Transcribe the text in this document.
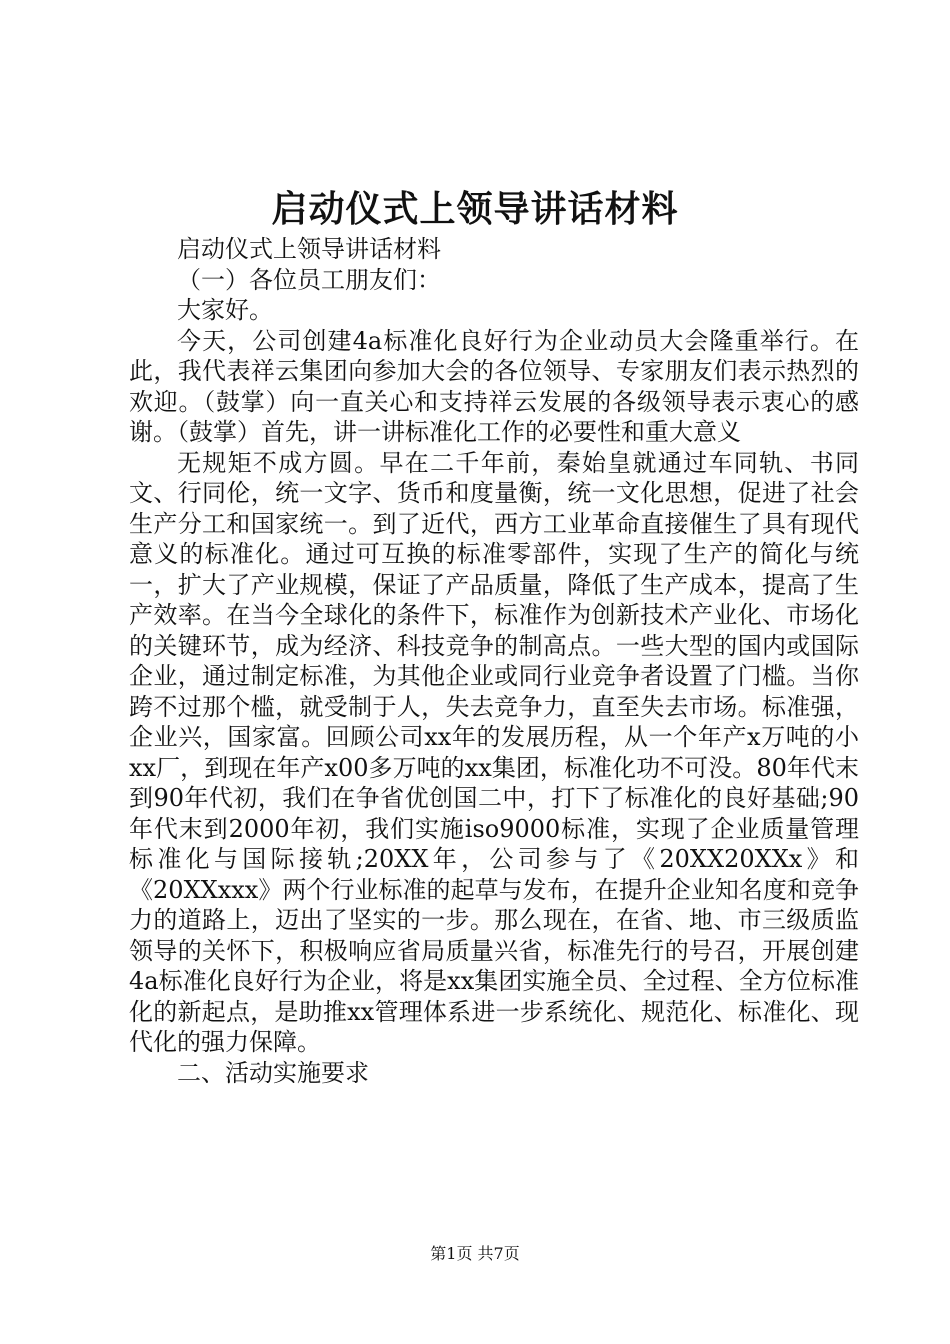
启动仪式上领导讲话材料

启动仪式上领导讲话材料

（一）各位员工朋友们：

大家好。

今天，公司创建4a标准化良好行为企业动员大会隆重举行。在此，我代表祥云集团向参加大会的各位领导、专家朋友们表示热烈的欢迎。（鼓掌）向一直关心和支持祥云发展的各级领导表示衷心的感谢。（鼓掌）首先，讲一讲标准化工作的必要性和重大意义

无规矩不成方圆。早在二千年前，秦始皇就通过车同轨、书同文、行同伦，统一文字、货币和度量衡，统一文化思想，促进了社会生产分工和国家统一。到了近代，西方工业革命直接催生了具有现代意义的标准化。通过可互换的标准零部件，实现了生产的简化与统一，扩大了产业规模，保证了产品质量，降低了生产成本，提高了生产效率。在当今全球化的条件下，标准作为创新技术产业化、市场化的关键环节，成为经济、科技竞争的制高点。一些大型的国内或国际企业，通过制定标准，为其他企业或同行业竞争者设置了门槛。当你跨不过那个槛，就受制于人，失去竞争力，直至失去市场。标准强，企业兴，国家富。回顾公司xx年的发展历程，从一个年产x万吨的小xx厂，到现在年产x00多万吨的xx集团，标准化功不可没。80年代末到90年代初，我们在争省优创国二中，打下了标准化的良好基础;90年代末到2000年初，我们实施iso9000标准，实现了企业质量管理标准化与国际接轨;20XX年，公司参与了《20XX20XXx》和《20XXxxx》两个行业标准的起草与发布，在提升企业知名度和竞争力的道路上，迈出了坚实的一步。那么现在，在省、地、市三级质监领导的关怀下，积极响应省局质量兴省，标准先行的号召，开展创建4a标准化良好行为企业，将是xx集团实施全员、全过程、全方位标准化的新起点，是助推xx管理体系进一步系统化、规范化、标准化、现代化的强力保障。

二、活动实施要求

第1页 共7页
